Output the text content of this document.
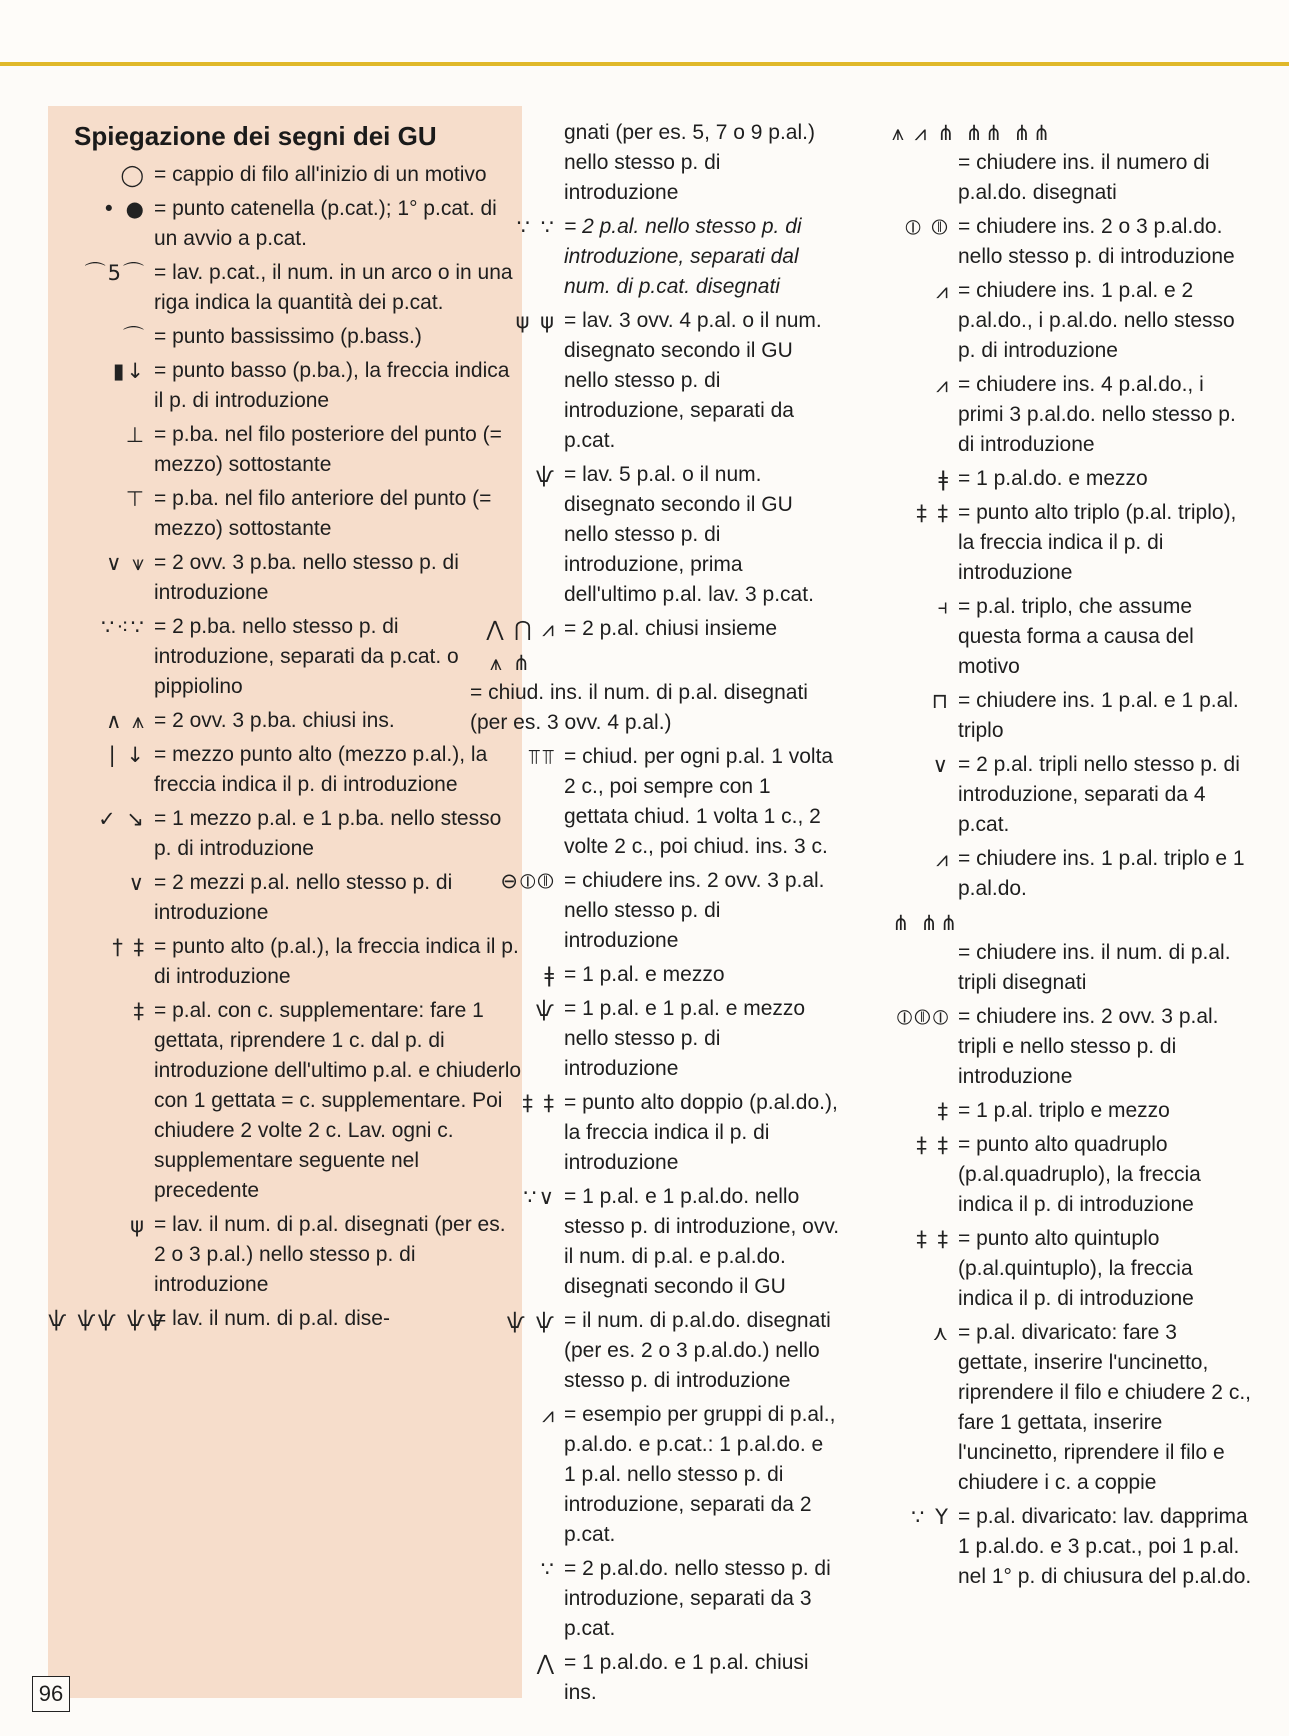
Spiegazione dei segni dei GU
◯ = cappio di filo all'inizio di un motivo
• ● = punto catenella (p.cat.); 1° p.cat. di un avvio a p.cat.
⌒5⌒ = lav. p.cat., il num. in un arco o in una riga indica la quantità dei p.cat.
⌒ = punto bassissimo (p.bass.)
▮↓ = punto basso (p.ba.), la freccia indica il p. di introduzione
⊥ = p.ba. nel filo posteriore del punto (= mezzo) sottostante
⊤ = p.ba. nel filo anteriore del punto (= mezzo) sottostante
∨ ⩛ = 2 ovv. 3 p.ba. nello stesso p. di introduzione
∵⁖∵ = 2 p.ba. nello stesso p. di introduzione, separati da p.cat. o pippiolino
∧ ⩚ = 2 ovv. 3 p.ba. chiusi ins.
| ↓ = mezzo punto alto (mezzo p.al.), la freccia indica il p. di introduzione
✓ ↘ = 1 mezzo p.al. e 1 p.ba. nello stesso p. di introduzione
∨ = 2 mezzi p.al. nello stesso p. di introduzione
† ‡ = punto alto (p.al.), la freccia indica il p. di introduzione
‡ = p.al. con c. supplementare: fare 1 gettata, riprendere 1 c. dal p. di introduzione dell'ultimo p.al. e chiuderlo con 1 gettata = c. supplementare. Poi chiudere 2 volte 2 c. Lav. ogni c. supplementare seguente nel precedente
ψ = lav. il num. di p.al. disegnati (per es. 2 o 3 p.al.) nello stesso p. di introduzione
ѱ ѱѱ ѱѱ
= lav. il num. di p.al. dise-
gnati (per es. 5, 7 o 9 p.al.) nello stesso p. di introduzione
∵ ∵ = 2 p.al. nello stesso p. di introduzione, separati dal num. di p.cat. disegnati
ψ ψ = lav. 3 ovv. 4 p.al. o il num. disegnato secondo il GU nello stesso p. di introduzione, separati da p.cat.
ѱ = lav. 5 p.al. o il num. disegnato secondo il GU nello stesso p. di introduzione, prima dell'ultimo p.al. lav. 3 p.cat.
⋀ ⋂ ⩘ = 2 p.al. chiusi insieme
⩚ ⋔
= chiud. ins. il num. di p.al. disegnati (per es. 3 ovv. 4 p.al.)
⫪⫪ = chiud. per ogni p.al. 1 volta 2 c., poi sempre con 1 gettata chiud. 1 volta 1 c., 2 volte 2 c., poi chiud. ins. 3 c.
⊖⦶⦷ = chiudere ins. 2 ovv. 3 p.al. nello stesso p. di introduzione
ǂ = 1 p.al. e mezzo
ѱ = 1 p.al. e 1 p.al. e mezzo nello stesso p. di introduzione
‡ ‡ = punto alto doppio (p.al.do.), la freccia indica il p. di introduzione
∵∨ = 1 p.al. e 1 p.al.do. nello stesso p. di introduzione, ovv. il num. di p.al. e p.al.do. disegnati secondo il GU
ѱ ѱ = il num. di p.al.do. disegnati (per es. 2 o 3 p.al.do.) nello stesso p. di introduzione
⩘ = esempio per gruppi di p.al., p.al.do. e p.cat.: 1 p.al.do. e 1 p.al. nello stesso p. di introduzione, separati da 2 p.cat.
∵ = 2 p.al.do. nello stesso p. di introduzione, separati da 3 p.cat.
⋀ = 1 p.al.do. e 1 p.al. chiusi ins.
⩚ ⩘ ⋔ ⋔⋔ ⋔⋔
= chiudere ins. il numero di p.al.do. disegnati
⦶ ⦷ = chiudere ins. 2 o 3 p.al.do. nello stesso p. di introduzione
⩘ = chiudere ins. 1 p.al. e 2 p.al.do., i p.al.do. nello stesso p. di introduzione
⩘ = chiudere ins. 4 p.al.do., i primi 3 p.al.do. nello stesso p. di introduzione
ǂ = 1 p.al.do. e mezzo
‡ ‡ = punto alto triplo (p.al. triplo), la freccia indica il p. di introduzione
⫞ = p.al. triplo, che assume questa forma a causa del motivo
⊓ = chiudere ins. 1 p.al. e 1 p.al. triplo
∨ = 2 p.al. tripli nello stesso p. di introduzione, separati da 4 p.cat.
⩘ = chiudere ins. 1 p.al. triplo e 1 p.al.do.
⋔ ⋔⋔
= chiudere ins. il num. di p.al. tripli disegnati
⦶⦷⦶ = chiudere ins. 2 ovv. 3 p.al. tripli e nello stesso p. di introduzione
‡ = 1 p.al. triplo e mezzo
‡ ‡ = punto alto quadruplo (p.al.quadruplo), la freccia indica il p. di introduzione
‡ ‡ = punto alto quintuplo (p.al.quintuplo), la freccia indica il p. di introduzione
⋏ = p.al. divaricato: fare 3 gettate, inserire l'uncinetto, riprendere il filo e chiudere 2 c., fare 1 gettata, inserire l'uncinetto, riprendere il filo e chiudere i c. a coppie
∵ Y = p.al. divaricato: lav. dapprima 1 p.al.do. e 3 p.cat., poi 1 p.al. nel 1° p. di chiusura del p.al.do.
96
